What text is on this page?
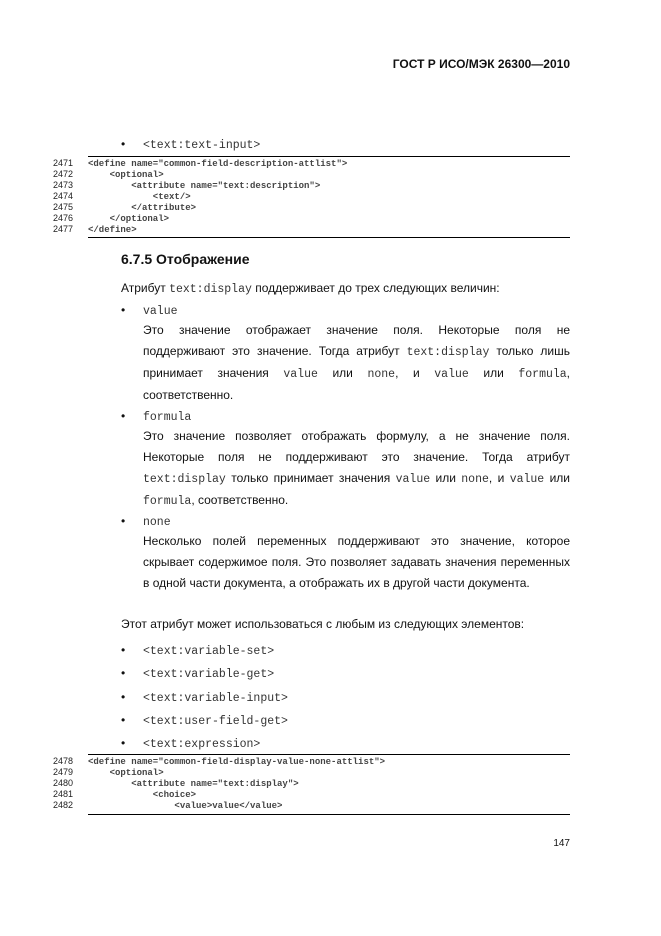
ГОСТ Р ИСО/МЭК 26300—2010
• <text:text-input>
2471 <define name="common-field-description-attlist">
2472 <optional>
2473 <attribute name="text:description">
2474 <text/>
2475 </attribute>
2476 </optional>
2477 </define>
6.7.5 Отображение
Атрибут text:display поддерживает до трех следующих величин:
• value
Это значение отображает значение поля. Некоторые поля не поддерживают это значение. Тогда атрибут text:display только лишь принимает значения value или none, и value или formula, соответственно.
• formula
Это значение позволяет отображать формулу, а не значение поля. Некоторые поля не поддерживают это значение. Тогда атрибут text:display только принимает значения value или none, и value или formula, соответственно.
• none
Несколько полей переменных поддерживают это значение, которое скрывает содержимое поля. Это позволяет задавать значения переменных в одной части документа, а отображать их в другой части документа.
Этот атрибут может использоваться с любым из следующих элементов:
• <text:variable-set>
• <text:variable-get>
• <text:variable-input>
• <text:user-field-get>
• <text:expression>
2478 <define name="common-field-display-value-none-attlist">
2479 <optional>
2480 <attribute name="text:display">
2481 <choice>
2482 <value>value</value>
147
